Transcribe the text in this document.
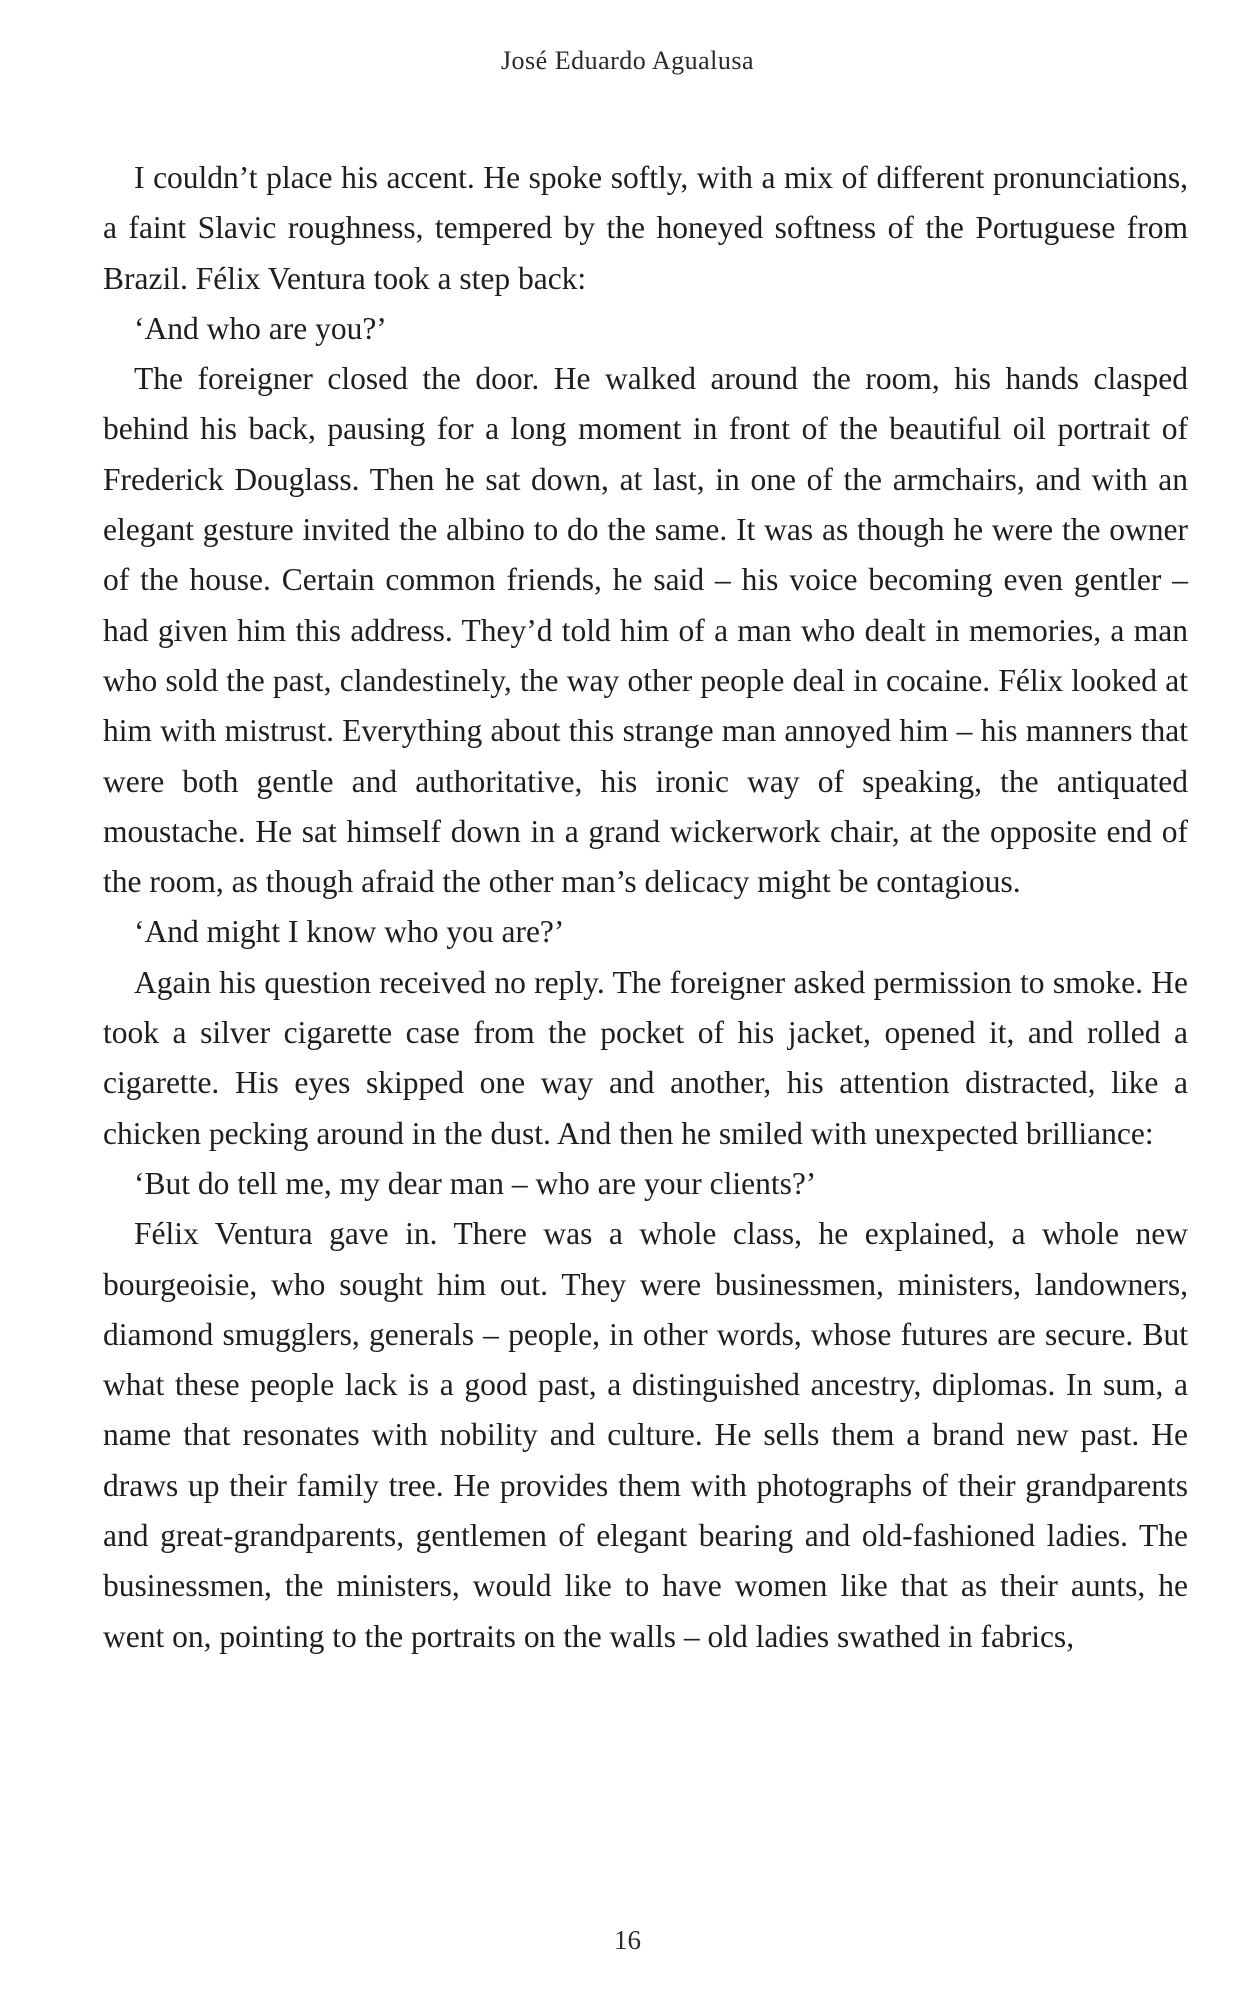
José Eduardo Agualusa

I couldn’t place his accent. He spoke softly, with a mix of different pronunciations, a faint Slavic roughness, tempered by the honeyed softness of the Portuguese from Brazil. Félix Ventura took a step back:

‘And who are you?’

The foreigner closed the door. He walked around the room, his hands clasped behind his back, pausing for a long moment in front of the beautiful oil portrait of Frederick Douglass. Then he sat down, at last, in one of the armchairs, and with an elegant gesture invited the albino to do the same. It was as though he were the owner of the house. Certain common friends, he said – his voice becoming even gentler – had given him this address. They’d told him of a man who dealt in memories, a man who sold the past, clandestinely, the way other people deal in cocaine. Félix looked at him with mistrust. Everything about this strange man annoyed him – his manners that were both gentle and authoritative, his ironic way of speaking, the antiquated moustache. He sat himself down in a grand wickerwork chair, at the opposite end of the room, as though afraid the other man’s delicacy might be contagious.

‘And might I know who you are?’

Again his question received no reply. The foreigner asked permission to smoke. He took a silver cigarette case from the pocket of his jacket, opened it, and rolled a cigarette. His eyes skipped one way and another, his attention distracted, like a chicken pecking around in the dust. And then he smiled with unexpected brilliance:

‘But do tell me, my dear man – who are your clients?’

Félix Ventura gave in. There was a whole class, he explained, a whole new bourgeoisie, who sought him out. They were businessmen, ministers, landowners, diamond smugglers, generals – people, in other words, whose futures are secure. But what these people lack is a good past, a distinguished ancestry, diplomas. In sum, a name that resonates with nobility and culture. He sells them a brand new past. He draws up their family tree. He provides them with photographs of their grandparents and great-grandparents, gentlemen of elegant bearing and old-fashioned ladies. The businessmen, the ministers, would like to have women like that as their aunts, he went on, pointing to the portraits on the walls – old ladies swathed in fabrics,

16
